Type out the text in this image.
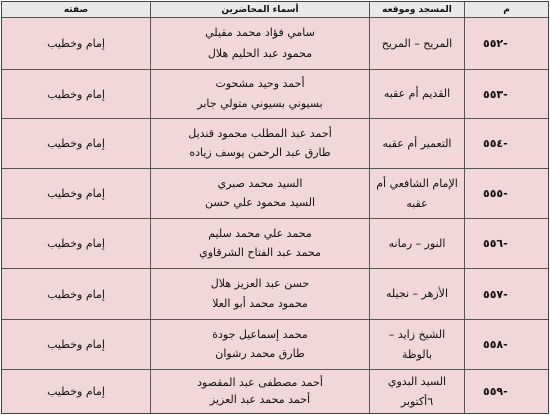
م
المسجد وموقعه
أسماء المحاضرين
صفته
-٥٥٢
المريح – المريح
سامي فؤاد محمد مقيلي
محمود عبد الحليم هلال
إمام وخطيب
-٥٥٣
القديم أم عقبه
أحمد وحيد مشحوت
بسيوني بسيوني متولي جابر
إمام وخطيب
-٥٥٤
التعمير أم عقبه
أحمد عبد المطلب محمود قنديل
طارق عبد الرحمن يوسف زياده
إمام وخطيب
-٥٥٥
الإمام الشافعي أم عقبه
السيد محمد صبري
السيد محمود علي حسن
إمام وخطيب
-٥٥٦
النور – رمانه
محمد علي محمد سليم
محمد عبد الفتاح الشرقاوي
إمام وخطيب
-٥٥٧
الأزهر – نجيله
حسن عبد العزيز هلال
محمود محمد أبو العلا
إمام وخطيب
-٥٥٨
الشيخ زايد – بالوظة
محمد إسماعيل جودة
طارق محمد رشوان
إمام وخطيب
-٥٥٩
السيد البدوي ٦أكتوبر
أحمد مصطفى عبد المقصود
أحمد محمد عبد العزيز
إمام وخطيب
